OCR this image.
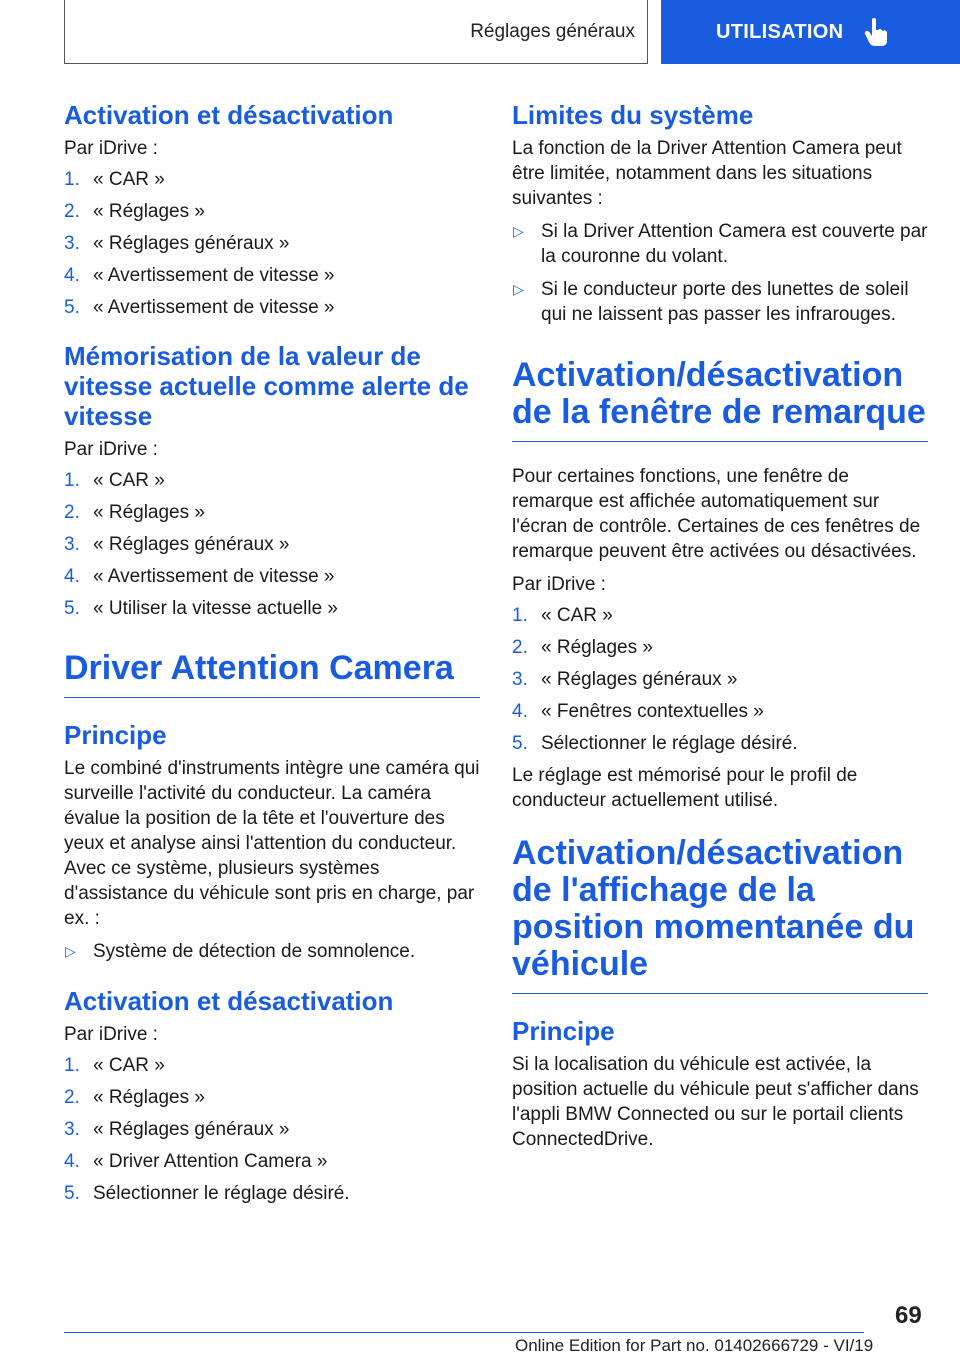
Réglages généraux	UTILISATION
Activation et désactivation

Par iDrive :

1. « CAR »
2. « Réglages »
3. « Réglages généraux »
4. « Avertissement de vitesse »
5. « Avertissement de vitesse »
Mémorisation de la valeur de vitesse actuelle comme alerte de vitesse

Par iDrive :

1. « CAR »
2. « Réglages »
3. « Réglages généraux »
4. « Avertissement de vitesse »
5. « Utiliser la vitesse actuelle »
Driver Attention Camera
Principe

Le combiné d'instruments intègre une caméra qui surveille l'activité du conducteur. La caméra évalue la position de la tête et l'ouverture des yeux et analyse ainsi l'attention du conducteur. Avec ce système, plusieurs systèmes d'assistance du véhicule sont pris en charge, par ex. :

▷ Système de détection de somnolence.
Activation et désactivation

Par iDrive :

1. « CAR »
2. « Réglages »
3. « Réglages généraux »
4. « Driver Attention Camera »
5. Sélectionner le réglage désiré.
Limites du système

La fonction de la Driver Attention Camera peut être limitée, notamment dans les situations suivantes :

▷ Si la Driver Attention Camera est couverte par la couronne du volant.
▷ Si le conducteur porte des lunettes de soleil qui ne laissent pas passer les infrarouges.
Activation/désactivation de la fenêtre de remarque

Pour certaines fonctions, une fenêtre de remarque est affichée automatiquement sur l'écran de contrôle. Certaines de ces fenêtres de remarque peuvent être activées ou désactivées.

Par iDrive :

1. « CAR »
2. « Réglages »
3. « Réglages généraux »
4. « Fenêtres contextuelles »
5. Sélectionner le réglage désiré.

Le réglage est mémorisé pour le profil de conducteur actuellement utilisé.

Activation/désactivation de l'affichage de la position momentanée du véhicule
Principe

Si la localisation du véhicule est activée, la position actuelle du véhicule peut s'afficher dans l'appli BMW Connected ou sur le portail clients ConnectedDrive.

69
Online Edition for Part no. 01402666729 - VI/19
